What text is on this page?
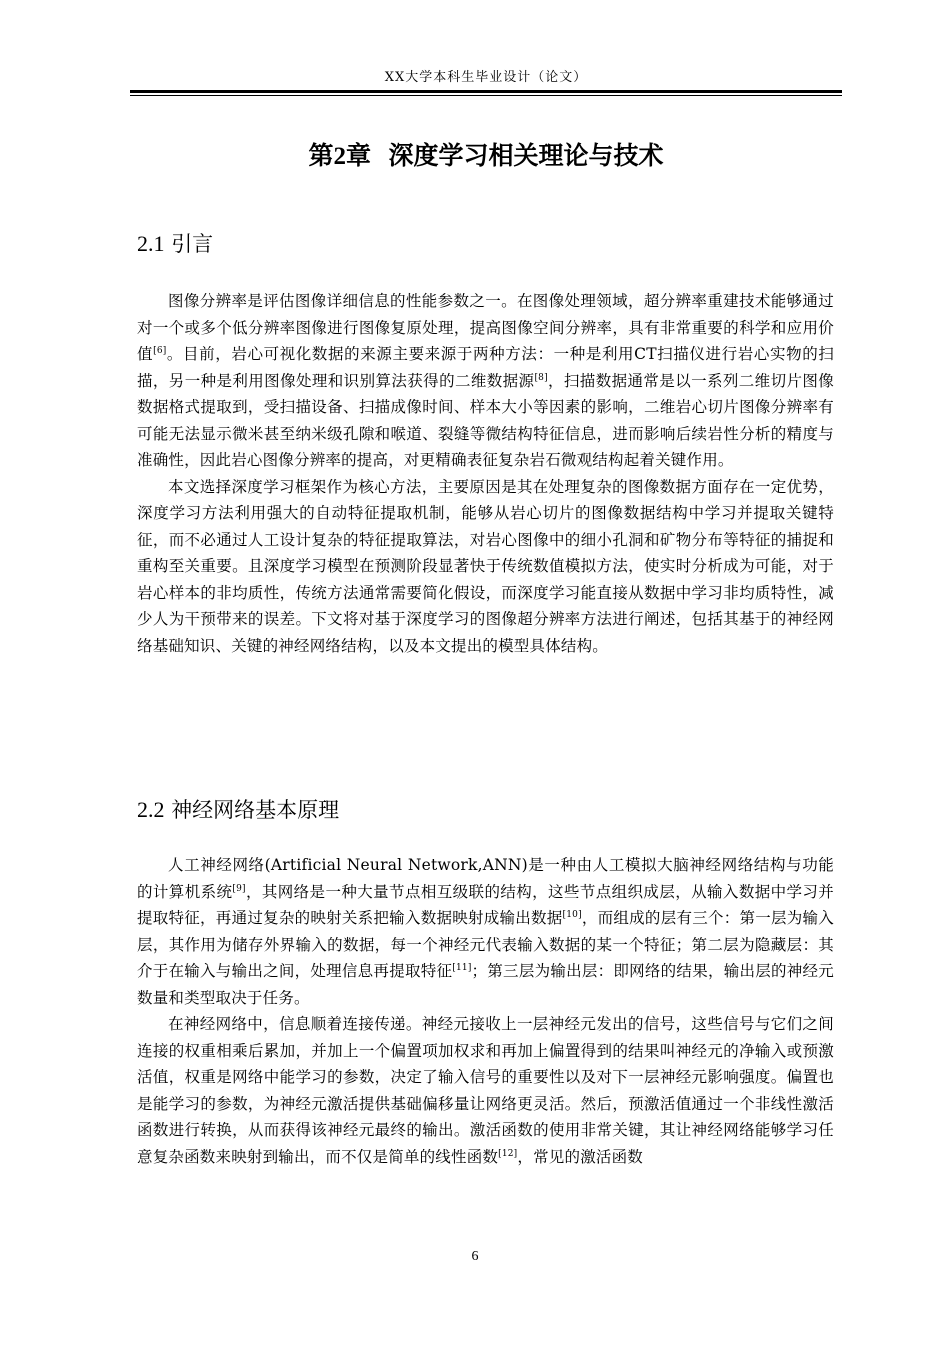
XX大学本科生毕业设计（论文）
第2章 深度学习相关理论与技术
2.1 引言

图像分辨率是评估图像详细信息的性能参数之一。在图像处理领域，超分辨率重建技术能够通过对一个或多个低分辨率图像进行图像复原处理，提高图像空间分辨率，具有非常重要的科学和应用价值[6]。目前，岩心可视化数据的来源主要来源于两种方法：一种是利用CT扫描仪进行岩心实物的扫描，另一种是利用图像处理和识别算法获得的二维数据源[8]，扫描数据通常是以一系列二维切片图像数据格式提取到，受扫描设备、扫描成像时间、样本大小等因素的影响，二维岩心切片图像分辨率有可能无法显示微米甚至纳米级孔隙和喉道、裂缝等微结构特征信息，进而影响后续岩性分析的精度与准确性，因此岩心图像分辨率的提高，对更精确表征复杂岩石微观结构起着关键作用。

本文选择深度学习框架作为核心方法，主要原因是其在处理复杂的图像数据方面存在一定优势，深度学习方法利用强大的自动特征提取机制，能够从岩心切片的图像数据结构中学习并提取关键特征，而不必通过人工设计复杂的特征提取算法，对岩心图像中的细小孔洞和矿物分布等特征的捕捉和重构至关重要。且深度学习模型在预测阶段显著快于传统数值模拟方法，使实时分析成为可能，对于岩心样本的非均质性，传统方法通常需要简化假设，而深度学习能直接从数据中学习非均质特性，减少人为干预带来的误差。下文将对基于深度学习的图像超分辨率方法进行阐述，包括其基于的神经网络基础知识、关键的神经网络结构，以及本文提出的模型具体结构。

2.2 神经网络基本原理

人工神经网络(Artificial Neural Network,ANN)是一种由人工模拟大脑神经网络结构与功能的计算机系统[9]，其网络是一种大量节点相互级联的结构，这些节点组织成层，从输入数据中学习并提取特征，再通过复杂的映射关系把输入数据映射成输出数据[10]，而组成的层有三个：第一层为输入层，其作用为储存外界输入的数据，每一个神经元代表输入数据的某一个特征；第二层为隐藏层：其介于在输入与输出之间，处理信息再提取特征[11]；第三层为输出层：即网络的结果，输出层的神经元数量和类型取决于任务。

在神经网络中，信息顺着连接传递。神经元接收上一层神经元发出的信号，这些信号与它们之间连接的权重相乘后累加，并加上一个偏置项加权求和再加上偏置得到的结果叫神经元的净输入或预激活值，权重是网络中能学习的参数，决定了输入信号的重要性以及对下一层神经元影响强度。偏置也是能学习的参数，为神经元激活提供基础偏移量让网络更灵活。然后，预激活值通过一个非线性激活函数进行转换，从而获得该神经元最终的输出。激活函数的使用非常关键，其让神经网络能够学习任意复杂函数来映射到输出，而不仅是简单的线性函数[12]，常见的激活函数

6
